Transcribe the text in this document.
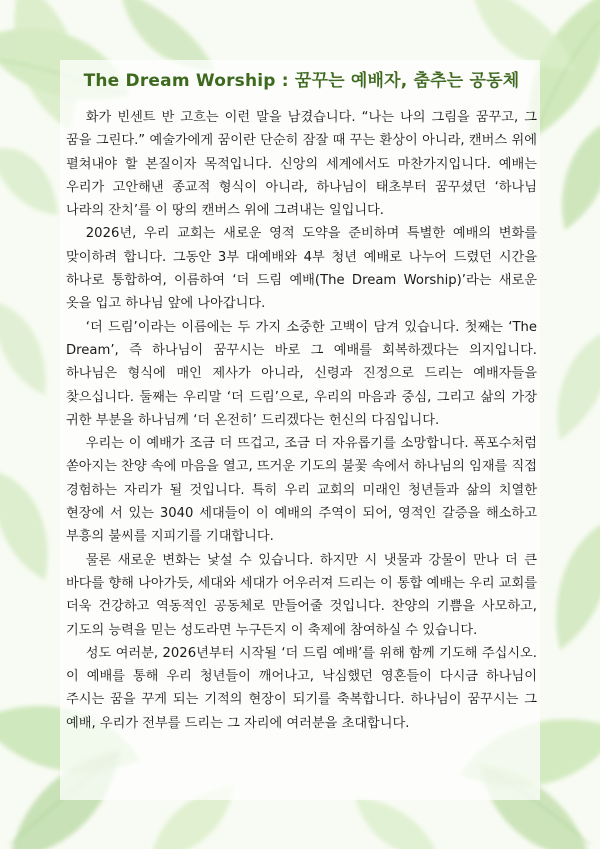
The Dream Worship : 꿈꾸는 예배자, 춤추는 공동체

화가 빈센트 반 고흐는 이런 말을 남겼습니다. “나는 나의 그림을 꿈꾸고, 그 꿈을 그린다.” 예술가에게 꿈이란 단순히 잠잘 때 꾸는 환상이 아니라, 캔버스 위에 펼쳐내야 할 본질이자 목적입니다. 신앙의 세계에서도 마찬가지입니다. 예배는 우리가 고안해낸 종교적 형식이 아니라, 하나님이 태초부터 꿈꾸셨던 ‘하나님 나라의 잔치’를 이 땅의 캔버스 위에 그려내는 일입니다.

2026년, 우리 교회는 새로운 영적 도약을 준비하며 특별한 예배의 변화를 맞이하려 합니다. 그동안 3부 대예배와 4부 청년 예배로 나누어 드렸던 시간을 하나로 통합하여, 이름하여 ‘더 드림 예배(The Dream Worship)’라는 새로운 옷을 입고 하나님 앞에 나아갑니다.

‘더 드림’이라는 이름에는 두 가지 소중한 고백이 담겨 있습니다. 첫째는 ‘The Dream’, 즉 하나님이 꿈꾸시는 바로 그 예배를 회복하겠다는 의지입니다. 하나님은 형식에 매인 제사가 아니라, 신령과 진정으로 드리는 예배자들을 찾으십니다. 둘째는 우리말 ‘더 드림’으로, 우리의 마음과 중심, 그리고 삶의 가장 귀한 부분을 하나님께 ‘더 온전히’ 드리겠다는 헌신의 다짐입니다.

우리는 이 예배가 조금 더 뜨겁고, 조금 더 자유롭기를 소망합니다. 폭포수처럼 쏟아지는 찬양 속에 마음을 열고, 뜨거운 기도의 불꽃 속에서 하나님의 임재를 직접 경험하는 자리가 될 것입니다. 특히 우리 교회의 미래인 청년들과 삶의 치열한 현장에 서 있는 3040 세대들이 이 예배의 주역이 되어, 영적인 갈증을 해소하고 부흥의 불씨를 지피기를 기대합니다.

물론 새로운 변화는 낯설 수 있습니다. 하지만 시 냇물과 강물이 만나 더 큰 바다를 향해 나아가듯, 세대와 세대가 어우러져 드리는 이 통합 예배는 우리 교회를 더욱 건강하고 역동적인 공동체로 만들어줄 것입니다. 찬양의 기쁨을 사모하고, 기도의 능력을 믿는 성도라면 누구든지 이 축제에 참여하실 수 있습니다.

성도 여러분, 2026년부터 시작될 ‘더 드림 예배’를 위해 함께 기도해 주십시오. 이 예배를 통해 우리 청년들이 깨어나고, 낙심했던 영혼들이 다시금 하나님이 주시는 꿈을 꾸게 되는 기적의 현장이 되기를 축복합니다. 하나님이 꿈꾸시는 그 예배, 우리가 전부를 드리는 그 자리에 여러분을 초대합니다.
